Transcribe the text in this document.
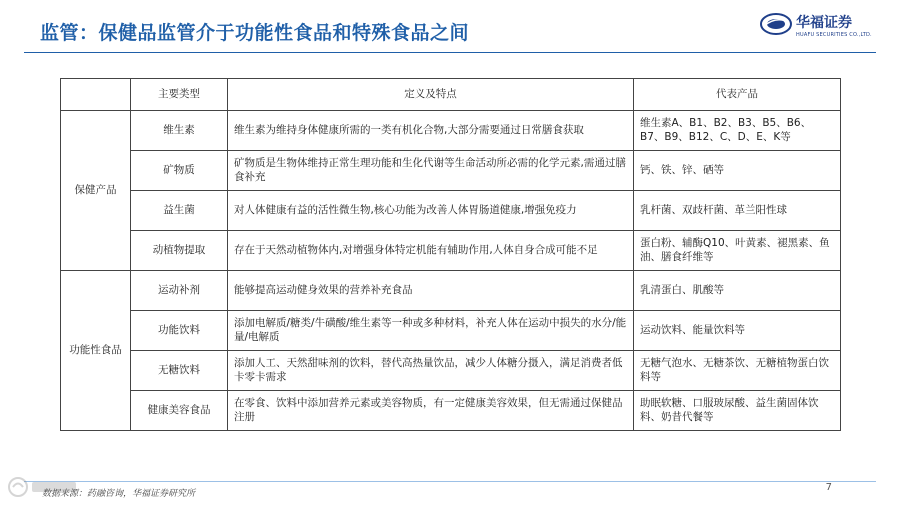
监管：保健品监管介于功能性食品和特殊食品之间	华福证券
HUAFU SECURITIES CO.,LTD.
	主要类型	定义及特点	代表产品
保健产品	维生素	维生素为维持身体健康所需的一类有机化合物,大部分需要通过日常膳食获取	维生素A、B1、B2、B3、B5、B6、B7、B9、B12、C、D、E、K等
	矿物质	矿物质是生物体维持正常生理功能和生化代谢等生命活动所必需的化学元素,需通过膳食补充	钙、铁、锌、硒等
	益生菌	对人体健康有益的活性微生物,核心功能为改善人体胃肠道健康,增强免疫力	乳杆菌、双歧杆菌、革兰阳性球
	动植物提取	存在于天然动植物体内,对增强身体特定机能有辅助作用,人体自身合成可能不足	蛋白粉、辅酶Q10、叶黄素、褪黑素、鱼油、膳食纤维等
功能性食品	运动补剂	能够提高运动健身效果的营养补充食品	乳清蛋白、肌酸等
	功能饮料	添加电解质/糖类/牛磺酸/维生素等一种或多种材料，补充人体在运动中损失的水分/能量/电解质	运动饮料、能量饮料等
	无糖饮料	添加人工、天然甜味剂的饮料，替代高热量饮品，减少人体糖分摄入，满足消费者低卡零卡需求	无糖气泡水、无糖茶饮、无糖植物蛋白饮料等
	健康美容食品	在零食、饮料中添加营养元素或美容物质，有一定健康美容效果，但无需通过保健品注册	助眠软糖、口服玻尿酸、益生菌固体饮料、奶昔代餐等
数据来源：药融咨询，华福证券研究所
7
